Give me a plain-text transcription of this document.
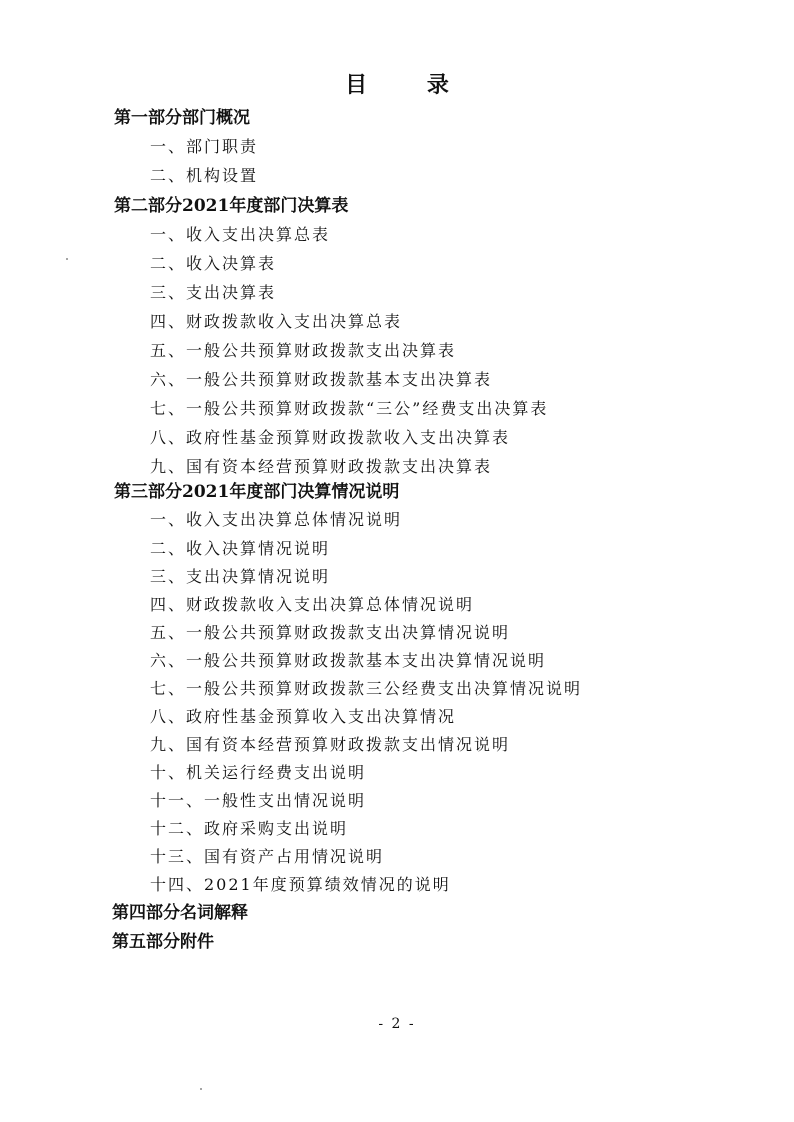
目 录
第一部分部门概况
一、部门职责
二、机构设置
第二部分2021年度部门决算表
一、收入支出决算总表
二、收入决算表
三、支出决算表
四、财政拨款收入支出决算总表
五、一般公共预算财政拨款支出决算表
六、一般公共预算财政拨款基本支出决算表
七、一般公共预算财政拨款“三公”经费支出决算表
八、政府性基金预算财政拨款收入支出决算表
九、国有资本经营预算财政拨款支出决算表
第三部分2021年度部门决算情况说明
一、收入支出决算总体情况说明
二、收入决算情况说明
三、支出决算情况说明
四、财政拨款收入支出决算总体情况说明
五、一般公共预算财政拨款支出决算情况说明
六、一般公共预算财政拨款基本支出决算情况说明
七、一般公共预算财政拨款三公经费支出决算情况说明
八、政府性基金预算收入支出决算情况
九、国有资本经营预算财政拨款支出情况说明
十、机关运行经费支出说明
十一、一般性支出情况说明
十二、政府采购支出说明
十三、国有资产占用情况说明
十四、2021年度预算绩效情况的说明
第四部分名词解释
第五部分附件
- 2 -
